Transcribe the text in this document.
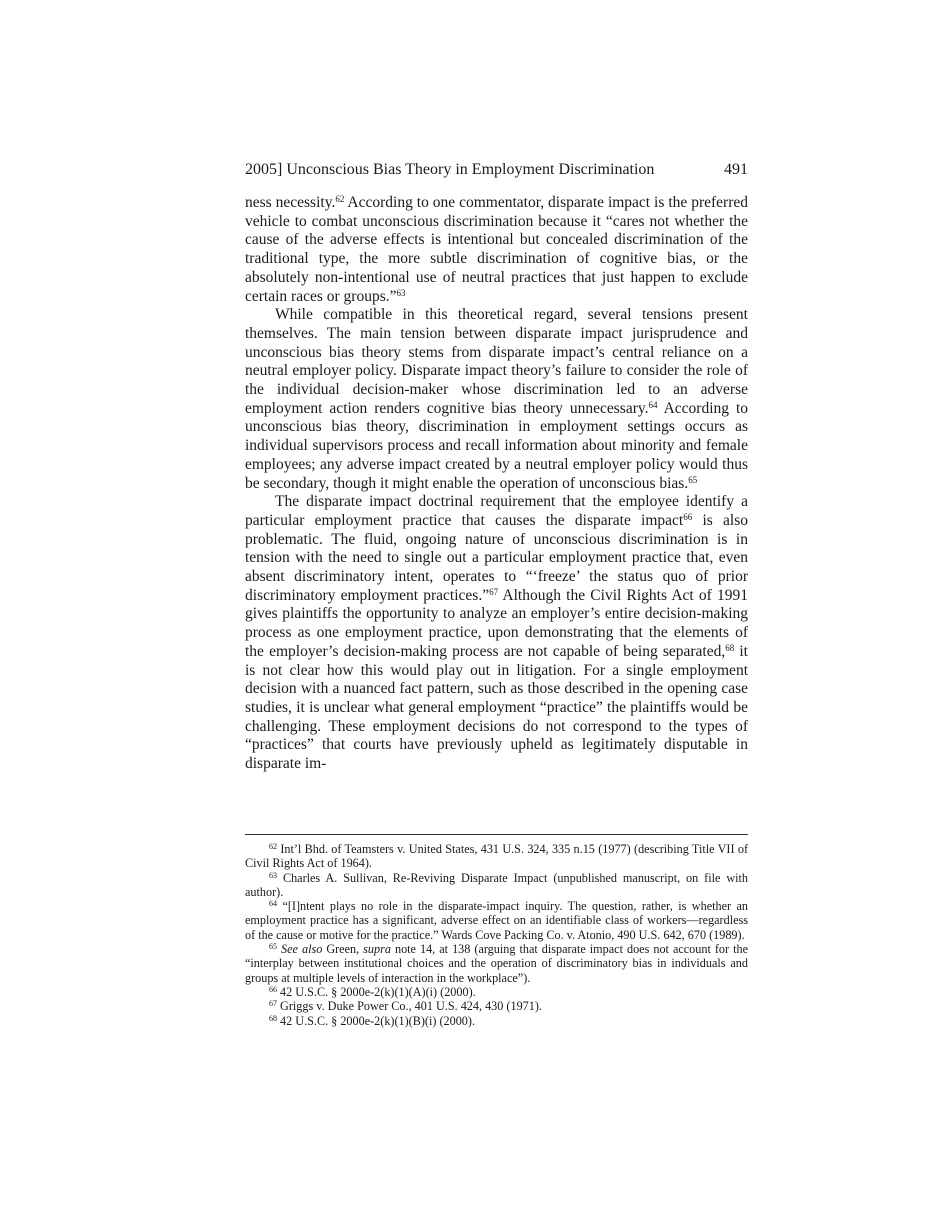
2005] Unconscious Bias Theory in Employment Discrimination	491

ness necessity.$^{62}$ According to one commentator, disparate impact is the preferred vehicle to combat unconscious discrimination because it “cares not whether the cause of the adverse effects is intentional but concealed discrimination of the traditional type, the more subtle discrimination of cognitive bias, or the absolutely non-intentional use of neutral practices that just happen to exclude certain races or groups.”$^{63}$

While compatible in this theoretical regard, several tensions present themselves. The main tension between disparate impact jurisprudence and unconscious bias theory stems from disparate impact’s central reliance on a neutral employer policy. Disparate impact theory’s failure to consider the role of the individual decision-maker whose discrimination led to an adverse employment action renders cognitive bias theory unnecessary.$^{64}$ According to unconscious bias theory, discrimination in employment settings occurs as individual supervisors process and recall information about minority and female employees; any adverse impact created by a neutral employer policy would thus be secondary, though it might enable the operation of unconscious bias.$^{65}$

The disparate impact doctrinal requirement that the employee identify a particular employment practice that causes the disparate impact$^{66}$ is also problematic. The fluid, ongoing nature of unconscious discrimination is in tension with the need to single out a particular employment practice that, even absent discriminatory intent, operates to “‘freeze’ the status quo of prior discriminatory employment practices.”$^{67}$ Although the Civil Rights Act of 1991 gives plaintiffs the opportunity to analyze an employer’s entire decision-making process as one employment practice, upon demonstrating that the elements of the employer’s decision-making process are not capable of being separated,$^{68}$ it is not clear how this would play out in litigation. For a single employment decision with a nuanced fact pattern, such as those described in the opening case studies, it is unclear what general employment “practice” the plaintiffs would be challenging. These employment decisions do not correspond to the types of “practices” that courts have previously upheld as legitimately disputable in disparate im-

$^{62}$ Int’l Bhd. of Teamsters v. United States, 431 U.S. 324, 335 n.15 (1977) (describing Title VII of Civil Rights Act of 1964).

$^{63}$ Charles A. Sullivan, Re-Reviving Disparate Impact (unpublished manuscript, on file with author).

$^{64}$ “[I]ntent plays no role in the disparate-impact inquiry. The question, rather, is whether an employment practice has a significant, adverse effect on an identifiable class of workers—regardless of the cause or motive for the practice.” Wards Cove Packing Co. v. Atonio, 490 U.S. 642, 670 (1989).

$^{65}$ See also Green, supra note 14, at 138 (arguing that disparate impact does not account for the “interplay between institutional choices and the operation of discriminatory bias in individuals and groups at multiple levels of interaction in the workplace”).

$^{66}$ 42 U.S.C. § 2000e-2(k)(1)(A)(i) (2000).

$^{67}$ Griggs v. Duke Power Co., 401 U.S. 424, 430 (1971).

$^{68}$ 42 U.S.C. § 2000e-2(k)(1)(B)(i) (2000).
